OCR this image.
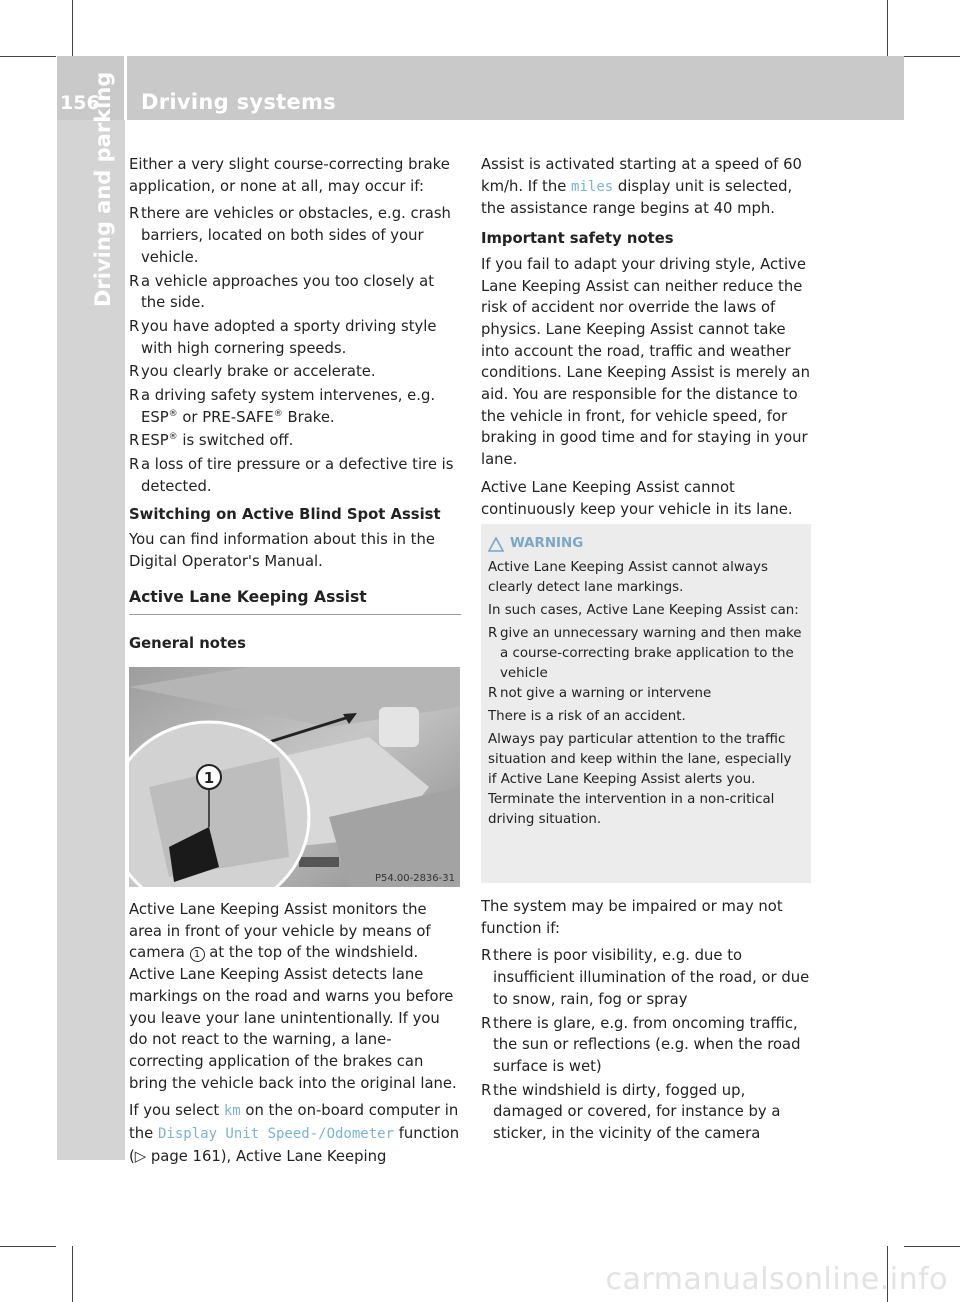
156 Driving systems
Driving and parking Either a very slight course-correcting brake application, or none at all, may occur if:

R there are vehicles or obstacles, e.g. crash barriers, located on both sides of your vehicle.
R a vehicle approaches you too closely at the side.
R you have adopted a sporty driving style with high cornering speeds.
R you clearly brake or accelerate.
R a driving safety system intervenes, e.g. ESP® or PRE-SAFE® Brake.
R ESP® is switched off.
R a loss of tire pressure or a defective tire is detected.
Switching on Active Blind Spot Assist

You can find information about this in the Digital Operator's Manual.

Active Lane Keeping Assist
General notes
1
P54.00-2836-31

Active Lane Keeping Assist monitors the area in front of your vehicle by means of camera 1 at the top of the windshield. Active Lane Keeping Assist detects lane markings on the road and warns you before you leave your lane unintentionally. If you do not react to the warning, a lane-correcting application of the brakes can bring the vehicle back into the original lane.

If you select km on the on-board computer in the Display Unit Speed-/Odometer function (▷ page 161), Active Lane Keeping

Assist is activated starting at a speed of 60 km/h. If the miles display unit is selected, the assistance range begins at 40 mph.

Important safety notes

If you fail to adapt your driving style, Active Lane Keeping Assist can neither reduce the risk of accident nor override the laws of physics. Lane Keeping Assist cannot take into account the road, traffic and weather conditions. Lane Keeping Assist is merely an aid. You are responsible for the distance to the vehicle in front, for vehicle speed, for braking in good time and for staying in your lane.

Active Lane Keeping Assist cannot continuously keep your vehicle in its lane.

WARNING

Active Lane Keeping Assist cannot always clearly detect lane markings.

In such cases, Active Lane Keeping Assist can:

R give an unnecessary warning and then make a course-correcting brake application to the vehicle
R not give a warning or intervene

There is a risk of an accident.

Always pay particular attention to the traffic situation and keep within the lane, especially if Active Lane Keeping Assist alerts you. Terminate the intervention in a non-critical driving situation.

The system may be impaired or may not function if:

R there is poor visibility, e.g. due to insufficient illumination of the road, or due to snow, rain, fog or spray
R there is glare, e.g. from oncoming traffic, the sun or reflections (e.g. when the road surface is wet)
R the windshield is dirty, fogged up, damaged or covered, for instance by a sticker, in the vicinity of the camera
carmanualsonline.info
